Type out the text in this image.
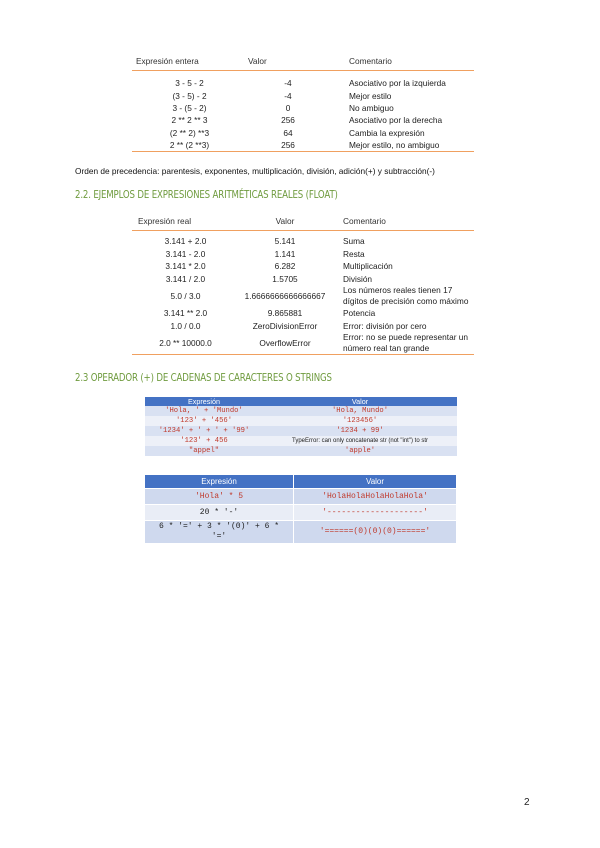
Expresión entera	Valor	Comentario

3 - 5 - 2	-4	Asociativo por la izquierda
(3 - 5) - 2	-4	Mejor estilo
3 - (5 - 2)	0	No ambiguo
2 ** 2 ** 3	256	Asociativo por la derecha
(2 ** 2) **3	64	Cambia la expresión
2 ** (2 **3)	256	Mejor estilo, no ambiguo
Orden de precedencia: parentesis, exponentes, multiplicación, división, adición(+) y subtracción(-)
2.2. EJEMPLOS DE EXPRESIONES ARITMÉTICAS REALES (FLOAT)
Expresión real	Valor	Comentario

3.141 + 2.0	5.141	Suma
3.141 - 2.0	1.141	Resta
3.141 * 2.0	6.282	Multiplicación
3.141 / 2.0	1.5705	División
5.0 / 3.0	1.6666666666666667	Los números reales tienen 17 dígitos de precisión como máximo
3.141 ** 2.0	9.865881	Potencia
1.0 / 0.0	ZeroDivisionError	Error: división por cero
2.0 ** 10000.0	OverflowError	Error: no se puede representar un número real tan grande
2.3 OPERADOR (+) DE CADENAS DE CARACTERES O STRINGS
Expresión	Valor
'Hola, ' + 'Mundo'	'Hola, Mundo'
'123' + '456'	'123456'
'1234' + ' + ' + '99'	'1234 + 99'
'123' + 456	TypeError: can only concatenate str (not "int") to str
"appel"	'apple'
Expresión	Valor
'Hola' * 5	'HolaHolaHolaHolaHola'
20 * '-'	'--------------------'
6 * '=' + 3 * '(0)' + 6 * '='	'======(0)(0)(0)======'
2
